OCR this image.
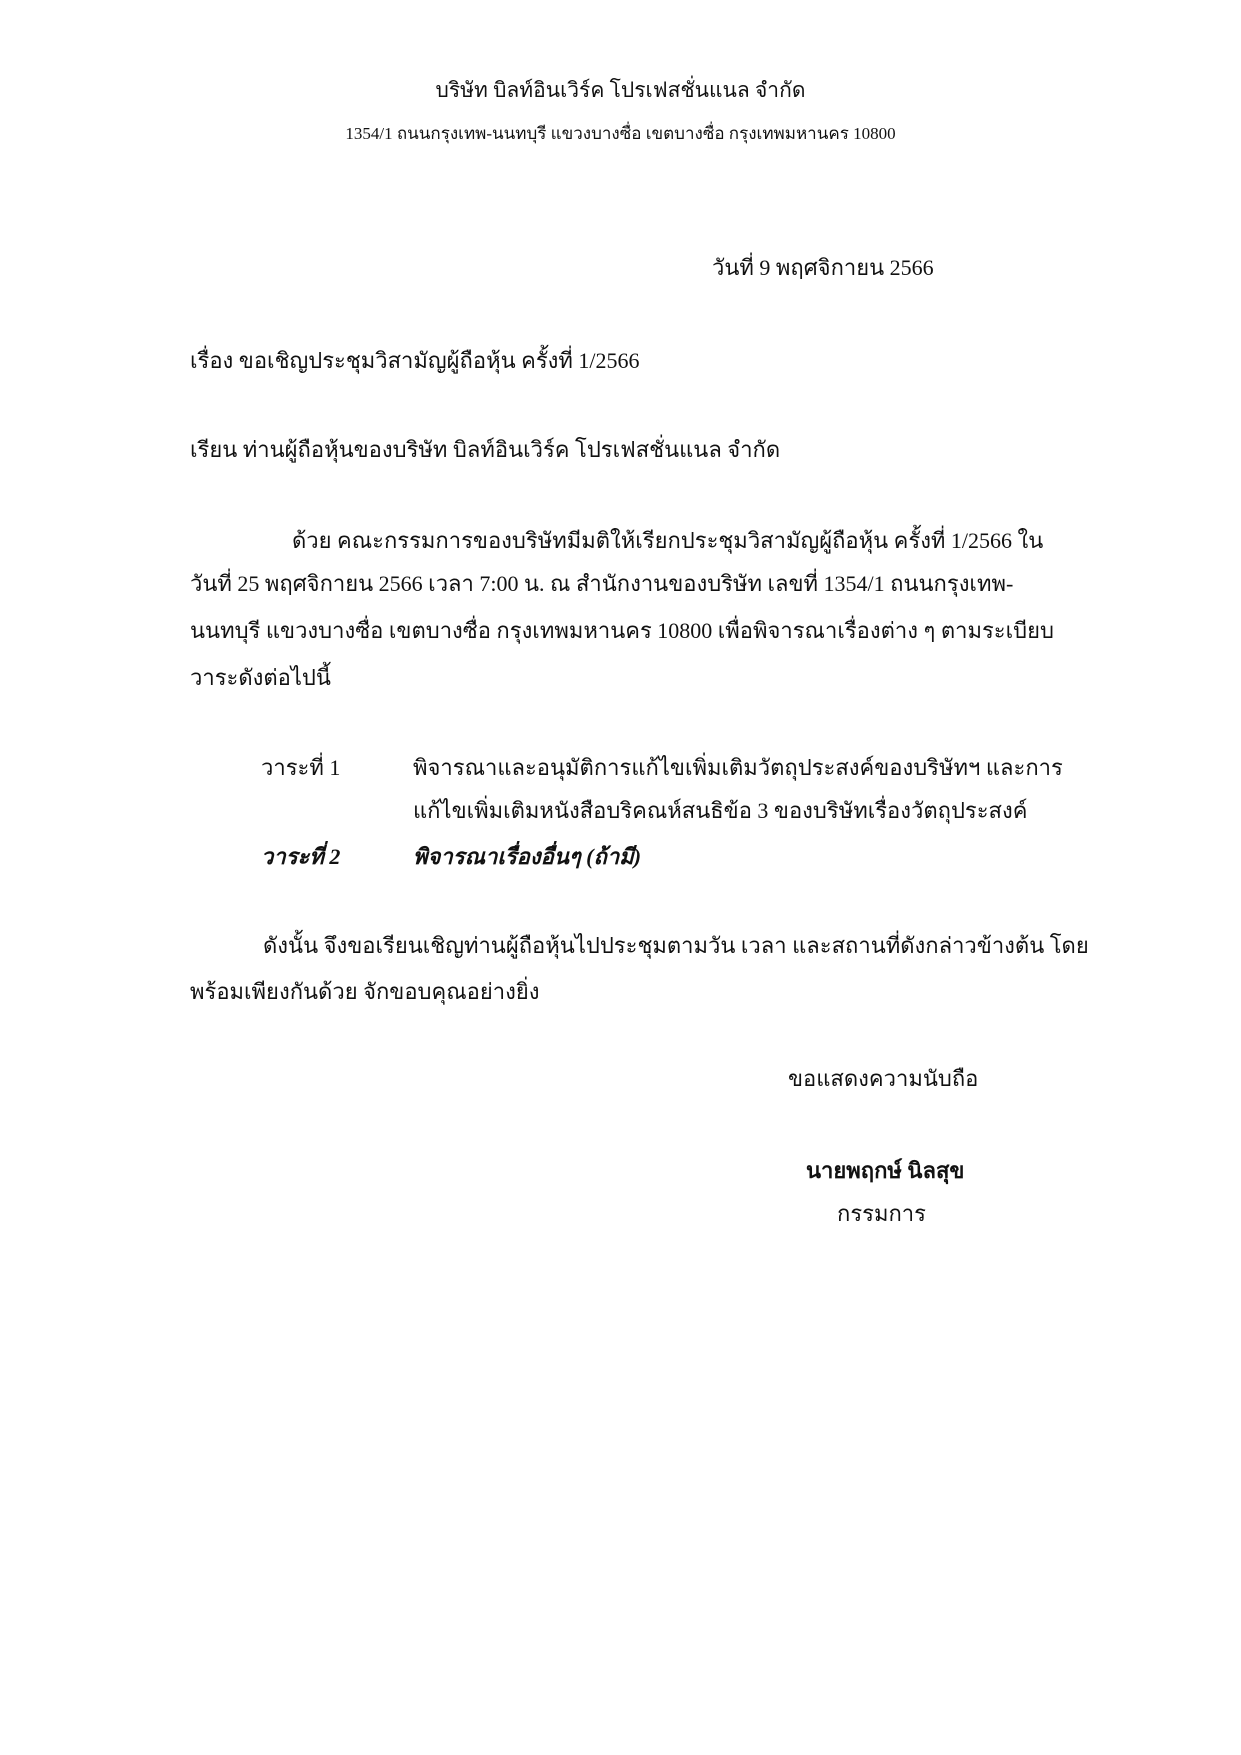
บริษัท บิลท์อินเวิร์ค โปรเฟสชั่นแนล จำกัด
1354/1 ถนนกรุงเทพ-นนทบุรี แขวงบางซื่อ เขตบางซื่อ กรุงเทพมหานคร 10800
วันที่ 9 พฤศจิกายน 2566
เรื่อง ขอเชิญประชุมวิสามัญผู้ถือหุ้น ครั้งที่ 1/2566
เรียน ท่านผู้ถือหุ้นของบริษัท บิลท์อินเวิร์ค โปรเฟสชั่นแนล จำกัด
ด้วย คณะกรรมการของบริษัทมีมติให้เรียกประชุมวิสามัญผู้ถือหุ้น ครั้งที่ 1/2566 ใน
วันที่ 25 พฤศจิกายน 2566 เวลา 7:00 น. ณ สำนักงานของบริษัท เลขที่ 1354/1 ถนนกรุงเทพ-
นนทบุรี แขวงบางซื่อ เขตบางซื่อ กรุงเทพมหานคร 10800 เพื่อพิจารณาเรื่องต่าง ๆ ตามระเบียบ
วาระดังต่อไปนี้
วาระที่ 1	พิจารณาและอนุมัติการแก้ไขเพิ่มเติมวัตถุประสงค์ของบริษัทฯ และการ
แก้ไขเพิ่มเติมหนังสือบริคณห์สนธิข้อ 3 ของบริษัทเรื่องวัตถุประสงค์
วาระที่ 2	พิจารณาเรื่องอื่นๆ (ถ้ามี)
ดังนั้น จึงขอเรียนเชิญท่านผู้ถือหุ้นไปประชุมตามวัน เวลา และสถานที่ดังกล่าวข้างต้น โดย
พร้อมเพียงกันด้วย จักขอบคุณอย่างยิ่ง
ขอแสดงความนับถือ
นายพฤกษ์ นิลสุข
กรรมการ
